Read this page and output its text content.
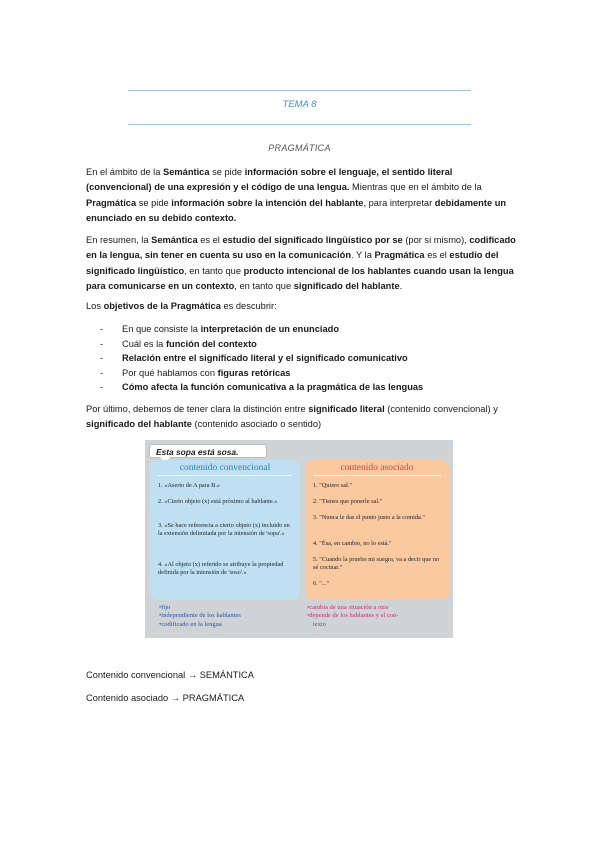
TEMA 8
PRAGMÁTICA
En el ámbito de la Semántica se pide información sobre el lenguaje, el sentido literal (convencional) de una expresión y el código de una lengua. Mientras que en el ámbito de la Pragmática se pide información sobre la intención del hablante, para interpretar debidamente un enunciado en su debido contexto.
En resumen, la Semántica es el estudio del significado lingüístico por se (por si mismo), codificado en la lengua, sin tener en cuenta su uso en la comunicación. Y la Pragmática es el estudio del significado lingüístico, en tanto que producto intencional de los hablantes cuando usan la lengua para comunicarse en un contexto, en tanto que significado del hablante.
Los objetivos de la Pragmática es descubrir:
- En que consiste la interpretación de un enunciado
- Cuál es la función del contexto
- Relación entre el significado literal y el significado comunicativo
- Por qué hablamos con figuras retóricas
- Cómo afecta la función comunicativa a la pragmática de las lenguas
Por último, debemos de tener clara la distinción entre significado literal (contenido convencional) y significado del hablante (contenido asociado o sentido)
Esta sopa está sosa.
contenido convencional
1. «Aserto de A para B.»
2. «Cierto objeto (x) está próximo al hablante.»
3. «Se hace referencia a cierto objeto (x) incluido en la extensión delimitada por la intensión de 'sopa'.»
4. «Al objeto (x) referido se atribuye la propiedad definida por la intensión de 'soso'.»
contenido asociado
1. "Quiero sal."
2. "Tienes que ponerle sal."
3. "Nunca le das el punto justo a la comida."
4. "Ésa, en cambio, no lo está."
5. "Cuando la pruebo mi suegra, va a decir que no sé cocinar."
6. "..."
• fijo
• independiente de los hablantes
• codificado en la lengua
• cambia de una situación a otra
• depende de los hablantes y el con-
texto
Contenido convencional → SEMÁNTICA
Contenido asociado → PRAGMÁTICA
